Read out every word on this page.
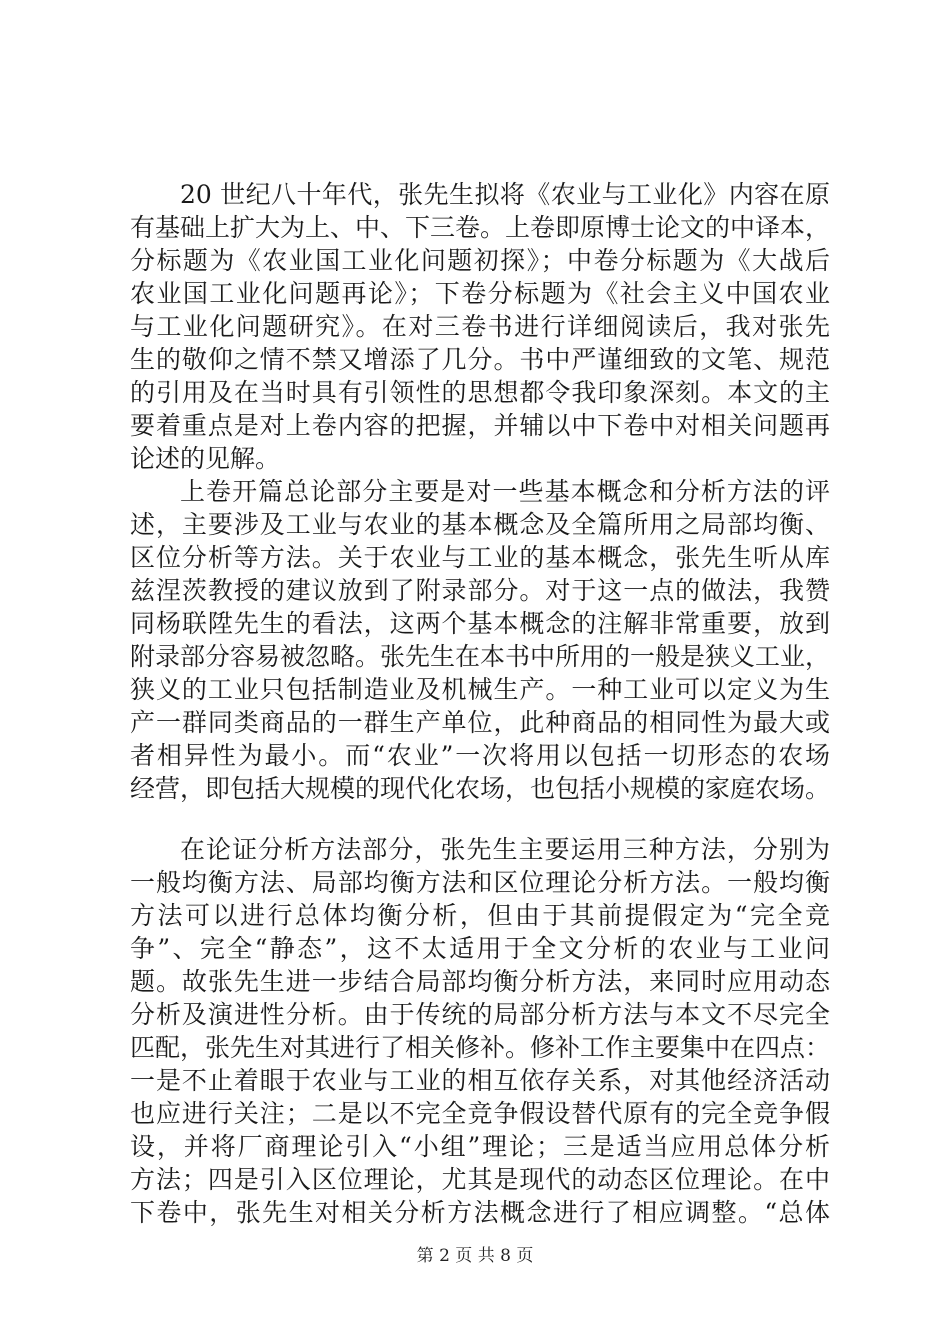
20 世纪八十年代，张先生拟将《农业与工业化》内容在原
有基础上扩大为上、中、下三卷。上卷即原博士论文的中译本，
分标题为《农业国工业化问题初探》；中卷分标题为《大战后
农业国工业化问题再论》；下卷分标题为《社会主义中国农业
与工业化问题研究》。在对三卷书进行详细阅读后，我对张先
生的敬仰之情不禁又增添了几分。书中严谨细致的文笔、规范
的引用及在当时具有引领性的思想都令我印象深刻。本文的主
要着重点是对上卷内容的把握，并辅以中下卷中对相关问题再
论述的见解。
上卷开篇总论部分主要是对一些基本概念和分析方法的评
述，主要涉及工业与农业的基本概念及全篇所用之局部均衡、
区位分析等方法。关于农业与工业的基本概念，张先生听从库
兹涅茨教授的建议放到了附录部分。对于这一点的做法，我赞
同杨联陞先生的看法，这两个基本概念的注解非常重要，放到
附录部分容易被忽略。张先生在本书中所用的一般是狭义工业，
狭义的工业只包括制造业及机械生产。一种工业可以定义为生
产一群同类商品的一群生产单位，此种商品的相同性为最大或
者相异性为最小。而“农业”一次将用以包括一切形态的农场
经营，即包括大规模的现代化农场，也包括小规模的家庭农场。
在论证分析方法部分，张先生主要运用三种方法，分别为
一般均衡方法、局部均衡方法和区位理论分析方法。一般均衡
方法可以进行总体均衡分析，但由于其前提假定为“完全竞
争”、完全“静态”，这不太适用于全文分析的农业与工业问
题。故张先生进一步结合局部均衡分析方法，来同时应用动态
分析及演进性分析。由于传统的局部分析方法与本文不尽完全
匹配，张先生对其进行了相关修补。修补工作主要集中在四点：
一是不止着眼于农业与工业的相互依存关系，对其他经济活动
也应进行关注；二是以不完全竞争假设替代原有的完全竞争假
设，并将厂商理论引入“小组”理论；三是适当应用总体分析
方法；四是引入区位理论，尤其是现代的动态区位理论。在中
下卷中，张先生对相关分析方法概念进行了相应调整。“总体
第 2 页 共 8 页
